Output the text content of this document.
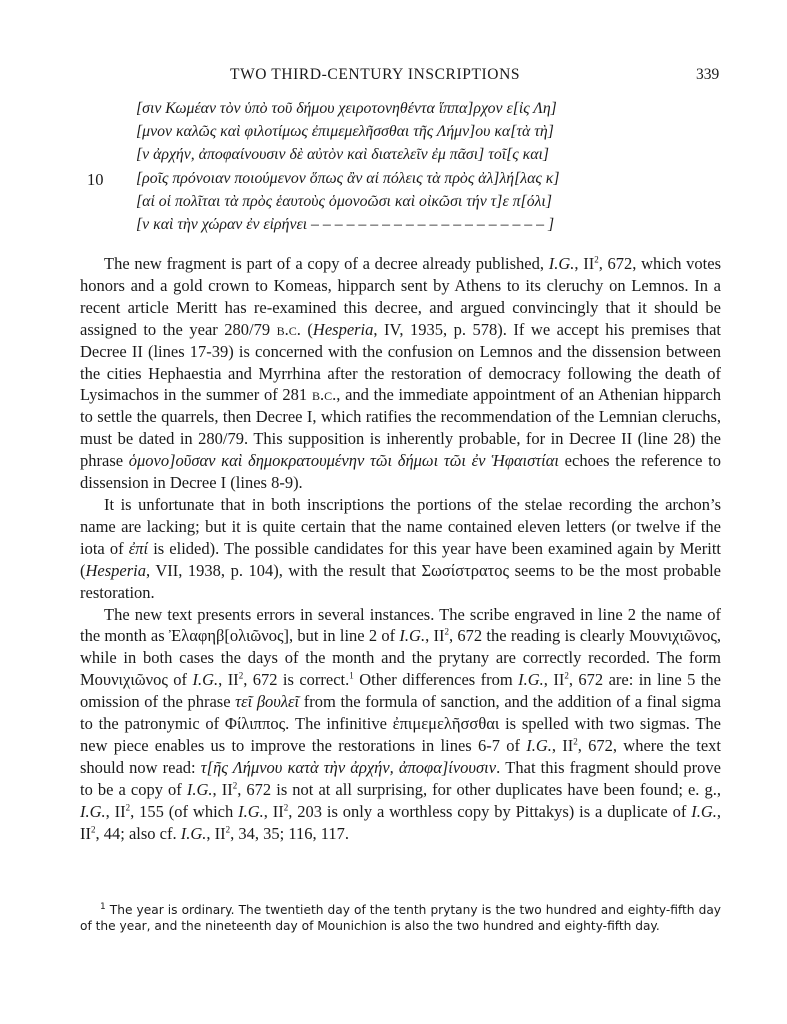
TWO THIRD-CENTURY INSCRIPTIONS	339
[σιν Κωμέαν τὸν ὑπὸ τοῦ δήμου χειροτονηθέντα ἵππα]ρχον ε[ἰς Λη]
[μνον καλῶς καὶ φιλοτίμως ἐπιμεμελῆσσθαι τῆς Λήμν]ου κα[τὰ τὴ]
[ν ἀρχήν, ἀποφαίνουσιν δὲ αὐτὸν καὶ διατελεῖν ἐμ πᾶσι] τοῖ[ς και]
10 [ροῖς πρόνοιαν ποιούμενον ὅπως ἂν αἱ πόλεις τὰ πρὸς ἀλ]λή[λας κ]
[αἱ οἱ πολῖται τὰ πρὸς ἑαυτοὺς ὁμονοῶσι καὶ οἰκῶσι τήν τ]ε π[όλι]
[ν καὶ τὴν χώραν ἐν εἰρήνει – – – – – – – – – – – – – – – – – – – – ]

The new fragment is part of a copy of a decree already published, I.G., $II^2$, 672, which votes honors and a gold crown to Komeas, hipparch sent by Athens to its cleruchy on Lemnos. In a recent article Meritt has re-examined this decree, and argued convincingly that it should be assigned to the year 280/79 b.c. (Hesperia, IV, 1935, p. 578). If we accept his premises that Decree II (lines 17-39) is concerned with the confusion on Lemnos and the dissension between the cities Hephaestia and Myrrhina after the restoration of democracy following the death of Lysimachos in the summer of 281 b.c., and the immediate appointment of an Athenian hipparch to settle the quarrels, then Decree I, which ratifies the recommendation of the Lemnian cleruchs, must be dated in 280/79. This supposition is inherently probable, for in Decree II (line 28) the phrase ὁμονο]οῦσαν καὶ δημοκρατουμένην τῶι δήμωι τῶι ἐν Ἡφαιστίαι echoes the reference to dissension in Decree I (lines 8-9).

It is unfortunate that in both inscriptions the portions of the stelae recording the archon’s name are lacking; but it is quite certain that the name contained eleven letters (or twelve if the iota of ἐπί is elided). The possible candidates for this year have been examined again by Meritt (Hesperia, VII, 1938, p. 104), with the result that Σωσίστρατος seems to be the most probable restoration.

The new text presents errors in several instances. The scribe engraved in line 2 the name of the month as Ἐλαφηβ[ολιῶνος], but in line 2 of I.G., $II^2$, 672 the reading is clearly Μουνιχιῶνος, while in both cases the days of the month and the prytany are correctly recorded. The form Μουνιχιῶνος of I.G., $II^2$, 672 is correct.$^1$ Other differences from I.G., $II^2$, 672 are: in line 5 the omission of the phrase τεῖ βουλεῖ from the formula of sanction, and the addition of a final sigma to the patronymic of Φίλιππος. The infinitive ἐπιμεμελῆσσθαι is spelled with two sigmas. The new piece enables us to improve the restorations in lines 6-7 of I.G., $II^2$, 672, where the text should now read: τ[ῆς Λήμνου κατὰ τὴν ἀρχήν, ἀποφα]ίνουσιν. That this fragment should prove to be a copy of I.G., $II^2$, 672 is not at all surprising, for other duplicates have been found; e. g., I.G., $II^2$, 155 (of which I.G., $II^2$, 203 is only a worthless copy by Pittakys) is a duplicate of I.G., $II^2$, 44; also cf. I.G., $II^2$, 34, 35; 116, 117.

$^1$ The year is ordinary. The twentieth day of the tenth prytany is the two hundred and eighty-fifth day of the year, and the nineteenth day of Mounichion is also the two hundred and eighty-fifth day.
